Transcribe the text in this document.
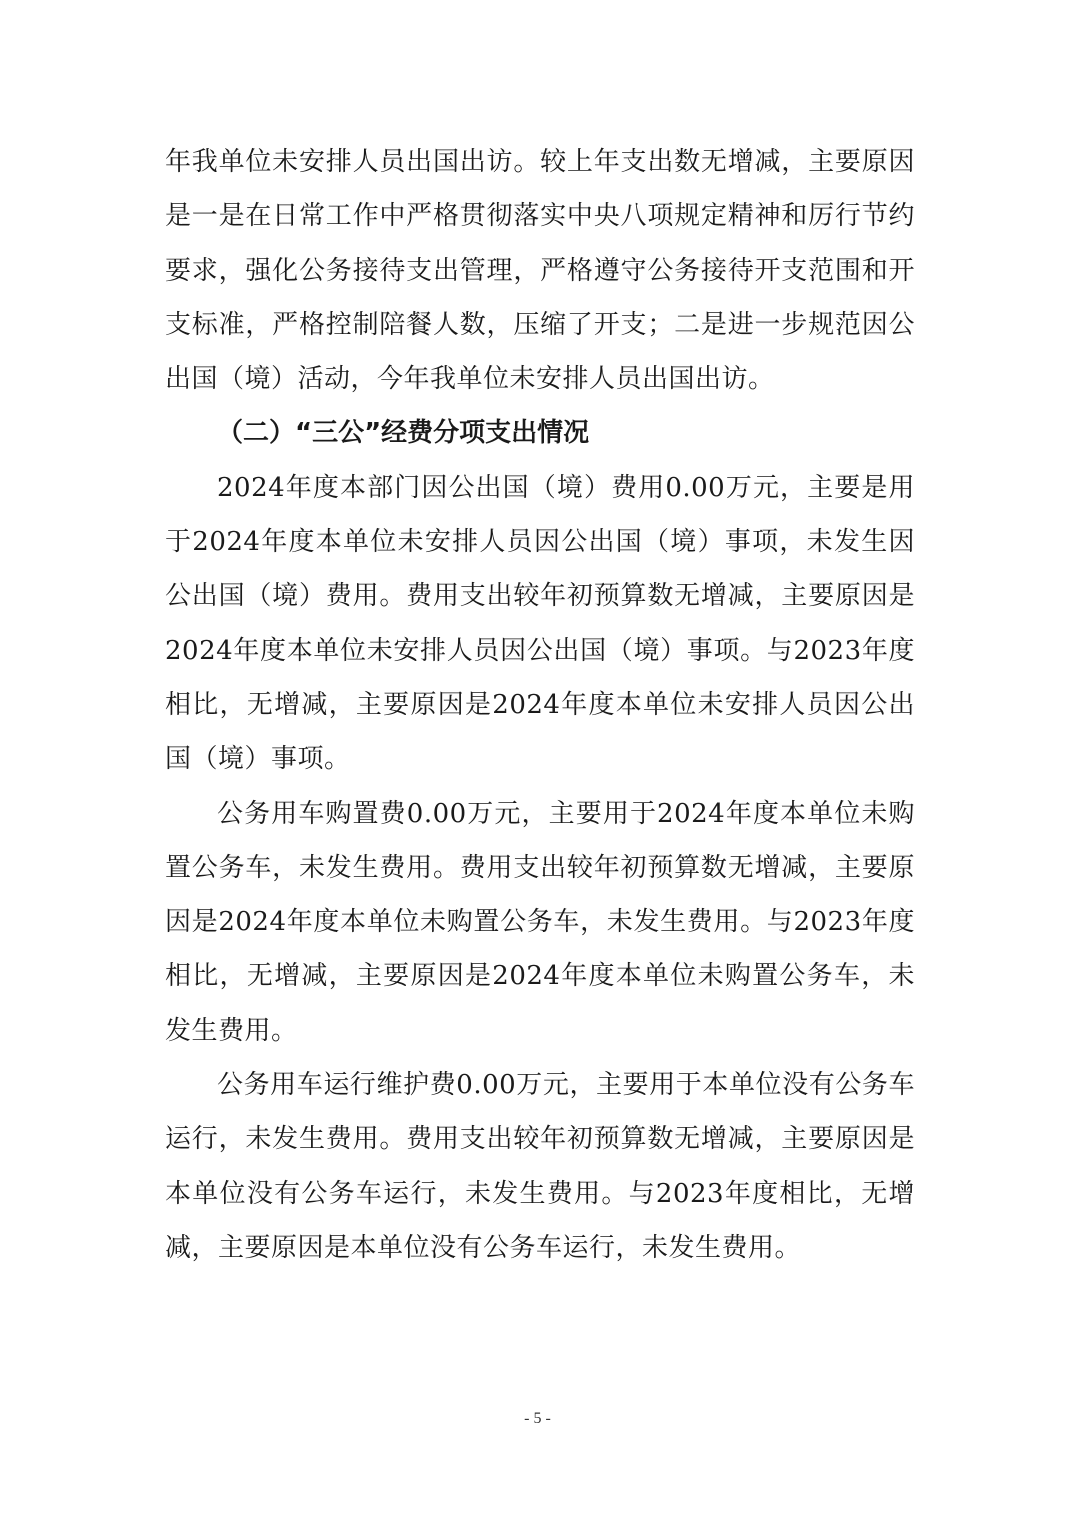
年我单位未安排人员出国出访。较上年支出数无增减，主要原因是一是在日常工作中严格贯彻落实中央八项规定精神和厉行节约要求，强化公务接待支出管理，严格遵守公务接待开支范围和开支标准，严格控制陪餐人数，压缩了开支；二是进一步规范因公出国（境）活动，今年我单位未安排人员出国出访。

（二）“三公”经费分项支出情况

2024年度本部门因公出国（境）费用0.00万元，主要是用于2024年度本单位未安排人员因公出国（境）事项，未发生因公出国（境）费用。费用支出较年初预算数无增减，主要原因是2024年度本单位未安排人员因公出国（境）事项。与2023年度相比，无增减，主要原因是2024年度本单位未安排人员因公出国（境）事项。

公务用车购置费0.00万元，主要用于2024年度本单位未购置公务车，未发生费用。费用支出较年初预算数无增减，主要原因是2024年度本单位未购置公务车，未发生费用。与2023年度相比，无增减，主要原因是2024年度本单位未购置公务车，未发生费用。

公务用车运行维护费0.00万元，主要用于本单位没有公务车运行，未发生费用。费用支出较年初预算数无增减，主要原因是本单位没有公务车运行，未发生费用。与2023年度相比，无增减，主要原因是本单位没有公务车运行，未发生费用。

- 5 -
